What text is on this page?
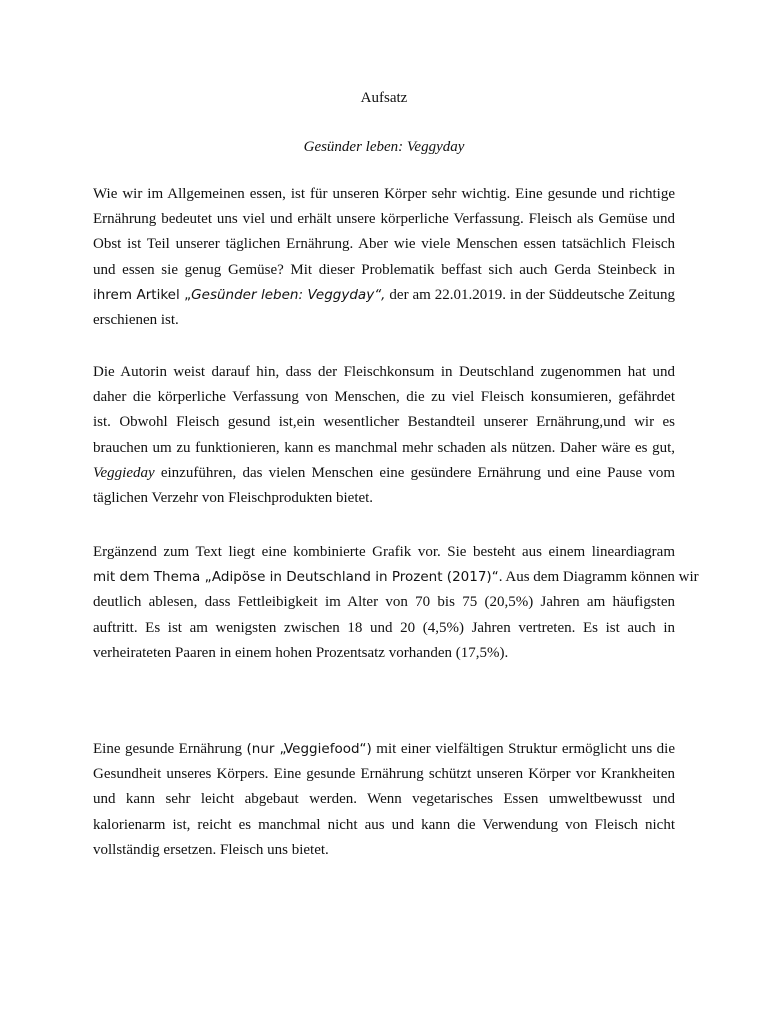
Aufsatz
Gesünder leben: Veggyday
Wie wir im Allgemeinen essen, ist für unseren Körper sehr wichtig. Eine gesunde und richtige
Ernährung bedeutet uns viel und erhält unsere körperliche Verfassung. Fleisch als Gemüse und
Obst ist Teil unserer täglichen Ernährung. Aber wie viele Menschen essen tatsächlich Fleisch
und essen sie genug Gemüse? Mit dieser Problematik beffast sich auch Gerda Steinbeck in
ihrem Artikel „Gesünder leben: Veggyday“, der am 22.01.2019. in der Süddeutsche Zeitung
erschienen ist.
Die Autorin weist darauf hin, dass der Fleischkonsum in Deutschland zugenommen hat und
daher die körperliche Verfassung von Menschen, die zu viel Fleisch konsumieren, gefährdet
ist. Obwohl Fleisch gesund ist,ein wesentlicher Bestandteil unserer Ernährung,und wir es
brauchen um zu funktionieren, kann es manchmal mehr schaden als nützen. Daher wäre es gut,
Veggieday einzuführen, das vielen Menschen eine gesündere Ernährung und eine Pause vom
täglichen Verzehr von Fleischprodukten bietet.
Ergänzend zum Text liegt eine kombinierte Grafik vor. Sie besteht aus einem lineardiagram
mit dem Thema „Adipöse in Deutschland in Prozent (2017)“. Aus dem Diagramm können wir
deutlich ablesen, dass Fettleibigkeit im Alter von 70 bis 75 (20,5%) Jahren am häufigsten
auftritt. Es ist am wenigsten zwischen 18 und 20 (4,5%) Jahren vertreten. Es ist auch in
verheirateten Paaren in einem hohen Prozentsatz vorhanden (17,5%).
Eine gesunde Ernährung (nur „Veggiefood“) mit einer vielfältigen Struktur ermöglicht uns die
Gesundheit unseres Körpers. Eine gesunde Ernährung schützt unseren Körper vor Krankheiten
und kann sehr leicht abgebaut werden. Wenn vegetarisches Essen umweltbewusst und
kalorienarm ist, reicht es manchmal nicht aus und kann die Verwendung von Fleisch nicht
vollständig ersetzen. Fleisch uns bietet.
